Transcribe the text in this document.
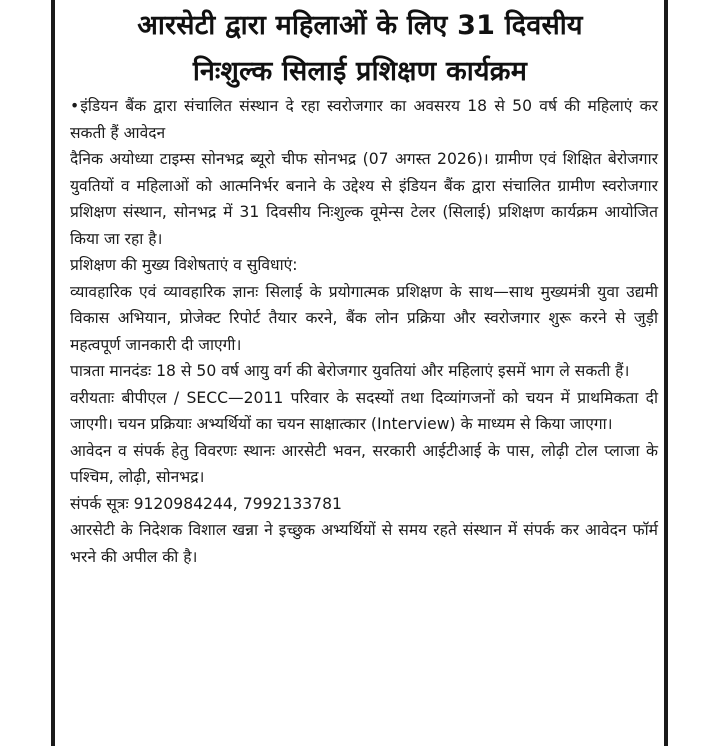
आरसेटी द्वारा महिलाओं के लिए 31 दिवसीय
निःशुल्क सिलाई प्रशिक्षण कार्यक्रम

•इंडियन बैंक द्वारा संचालित संस्थान दे रहा स्वरोजगार का अवसरय 18 से 50 वर्ष की महिलाएं कर सकती हैं आवेदन

दैनिक अयोध्या टाइम्स सोनभद्र ब्यूरो चीफ सोनभद्र (07 अगस्त 2026)। ग्रामीण एवं शिक्षित बेरोजगार युवतियों व महिलाओं को आत्मनिर्भर बनाने के उद्देश्य से इंडियन बैंक द्वारा संचालित ग्रामीण स्वरोजगार प्रशिक्षण संस्थान, सोनभद्र में 31 दिवसीय निःशुल्क वूमेन्स टेलर (सिलाई) प्रशिक्षण कार्यक्रम आयोजित किया जा रहा है।

प्रशिक्षण की मुख्य विशेषताएं व सुविधाएं:

व्यावहारिक एवं व्यावहारिक ज्ञानः सिलाई के प्रयोगात्मक प्रशिक्षण के साथ—साथ मुख्यमंत्री युवा उद्यमी विकास अभियान, प्रोजेक्ट रिपोर्ट तैयार करने, बैंक लोन प्रक्रिया और स्वरोजगार शुरू करने से जुड़ी महत्वपूर्ण जानकारी दी जाएगी।

पात्रता मानदंडः 18 से 50 वर्ष आयु वर्ग की बेरोजगार युवतियां और महिलाएं इसमें भाग ले सकती हैं।

वरीयताः बीपीएल / SECC—2011 परिवार के सदस्यों तथा दिव्यांगजनों को चयन में प्राथमिकता दी जाएगी। चयन प्रक्रियाः अभ्यर्थियों का चयन साक्षात्कार (Interview) के माध्यम से किया जाएगा।

आवेदन व संपर्क हेतु विवरणः स्थानः आरसेटी भवन, सरकारी आईटीआई के पास, लोढ़ी टोल प्लाजा के पश्चिम, लोढ़ी, सोनभद्र।

संपर्क सूत्रः 9120984244, 7992133781

आरसेटी के निदेशक विशाल खन्ना ने इच्छुक अभ्यर्थियों से समय रहते संस्थान में संपर्क कर आवेदन फॉर्म भरने की अपील की है।
